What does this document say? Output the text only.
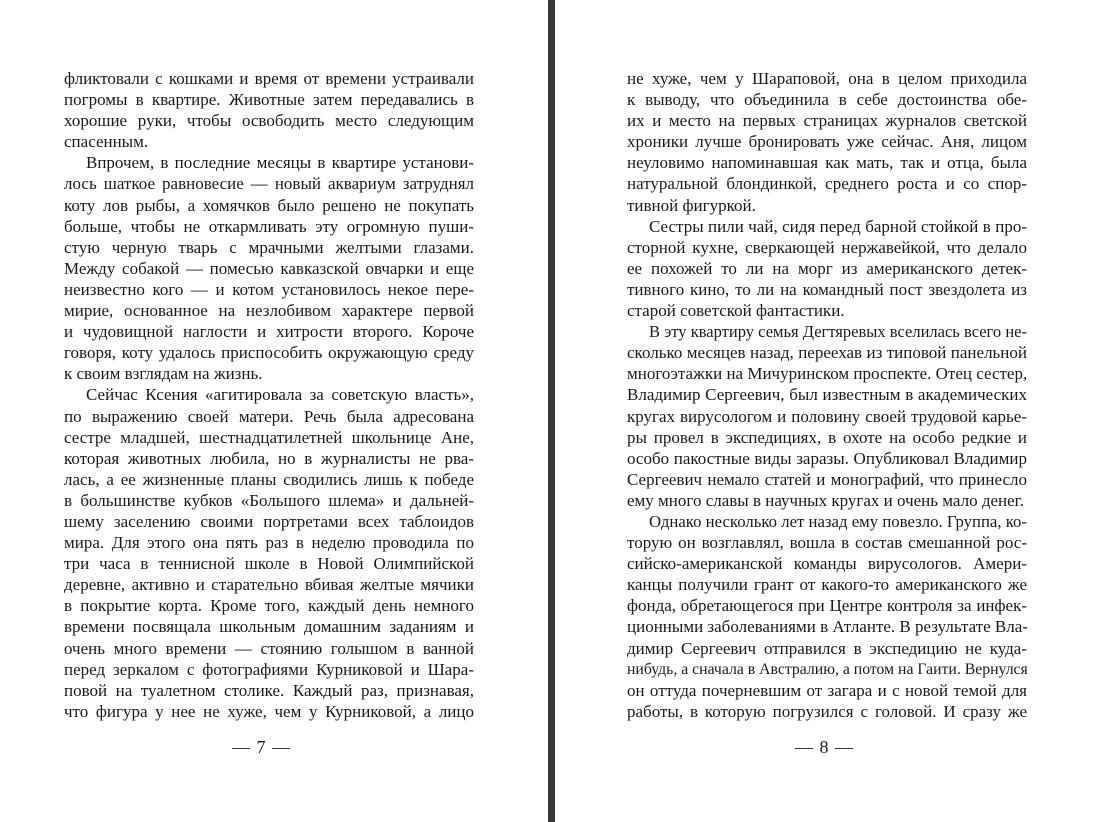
фликтовали с кошками и время от времени устраивали
погромы в квартире. Животные затем передавались в
хорошие руки, чтобы освободить место следующим
спасенным.
Впрочем, в последние месяцы в квартире установи-
лось шаткое равновесие — новый аквариум затруднял
коту лов рыбы, а хомячков было решено не покупать
больше, чтобы не откармливать эту огромную пуши-
стую черную тварь с мрачными желтыми глазами.
Между собакой — помесью кавказской овчарки и еще
неизвестно кого — и котом установилось некое пере-
мирие, основанное на незлобивом характере первой
и чудовищной наглости и хитрости второго. Короче
говоря, коту удалось приспособить окружающую среду
к своим взглядам на жизнь.
Сейчас Ксения «агитировала за советскую власть»,
по выражению своей матери. Речь была адресована
сестре младшей, шестнадцатилетней школьнице Ане,
которая животных любила, но в журналисты не рва-
лась, а ее жизненные планы сводились лишь к победе
в большинстве кубков «Большого шлема» и дальней-
шему заселению своими портретами всех таблоидов
мира. Для этого она пять раз в неделю проводила по
три часа в теннисной школе в Новой Олимпийской
деревне, активно и старательно вбивая желтые мячики
в покрытие корта. Кроме того, каждый день немного
времени посвящала школьным домашним заданиям и
очень много времени — стоянию голышом в ванной
перед зеркалом с фотографиями Курниковой и Шара-
повой на туалетном столике. Каждый раз, признавая,
что фигура у нее не хуже, чем у Курниковой, а лицо
— 7 —
не хуже, чем у Шараповой, она в целом приходила
к выводу, что объединила в себе достоинства обе-
их и место на первых страницах журналов светской
хроники лучше бронировать уже сейчас. Аня, лицом
неуловимо напоминавшая как мать, так и отца, была
натуральной блондинкой, среднего роста и со спор-
тивной фигуркой.
Сестры пили чай, сидя перед барной стойкой в про-
сторной кухне, сверкающей нержавейкой, что делало
ее похожей то ли на морг из американского детек-
тивного кино, то ли на командный пост звездолета из
старой советской фантастики.
В эту квартиру семья Дегтяревых вселилась всего не-
сколько месяцев назад, переехав из типовой панельной
многоэтажки на Мичуринском проспекте. Отец сестер,
Владимир Сергеевич, был известным в академических
кругах вирусологом и половину своей трудовой карье-
ры провел в экспедициях, в охоте на особо редкие и
особо пакостные виды заразы. Опубликовал Владимир
Сергеевич немало статей и монографий, что принесло
ему много славы в научных кругах и очень мало денег.
Однако несколько лет назад ему повезло. Группа, ко-
торую он возглавлял, вошла в состав смешанной рос-
сийско-американской команды вирусологов. Амери-
канцы получили грант от какого-то американского же
фонда, обретающегося при Центре контроля за инфек-
ционными заболеваниями в Атланте. В результате Вла-
димир Сергеевич отправился в экспедицию не куда-
нибудь, а сначала в Австралию, а потом на Гаити. Вернулся
он оттуда почерневшим от загара и с новой темой для
работы, в которую погрузился с головой. И сразу же
— 8 —
